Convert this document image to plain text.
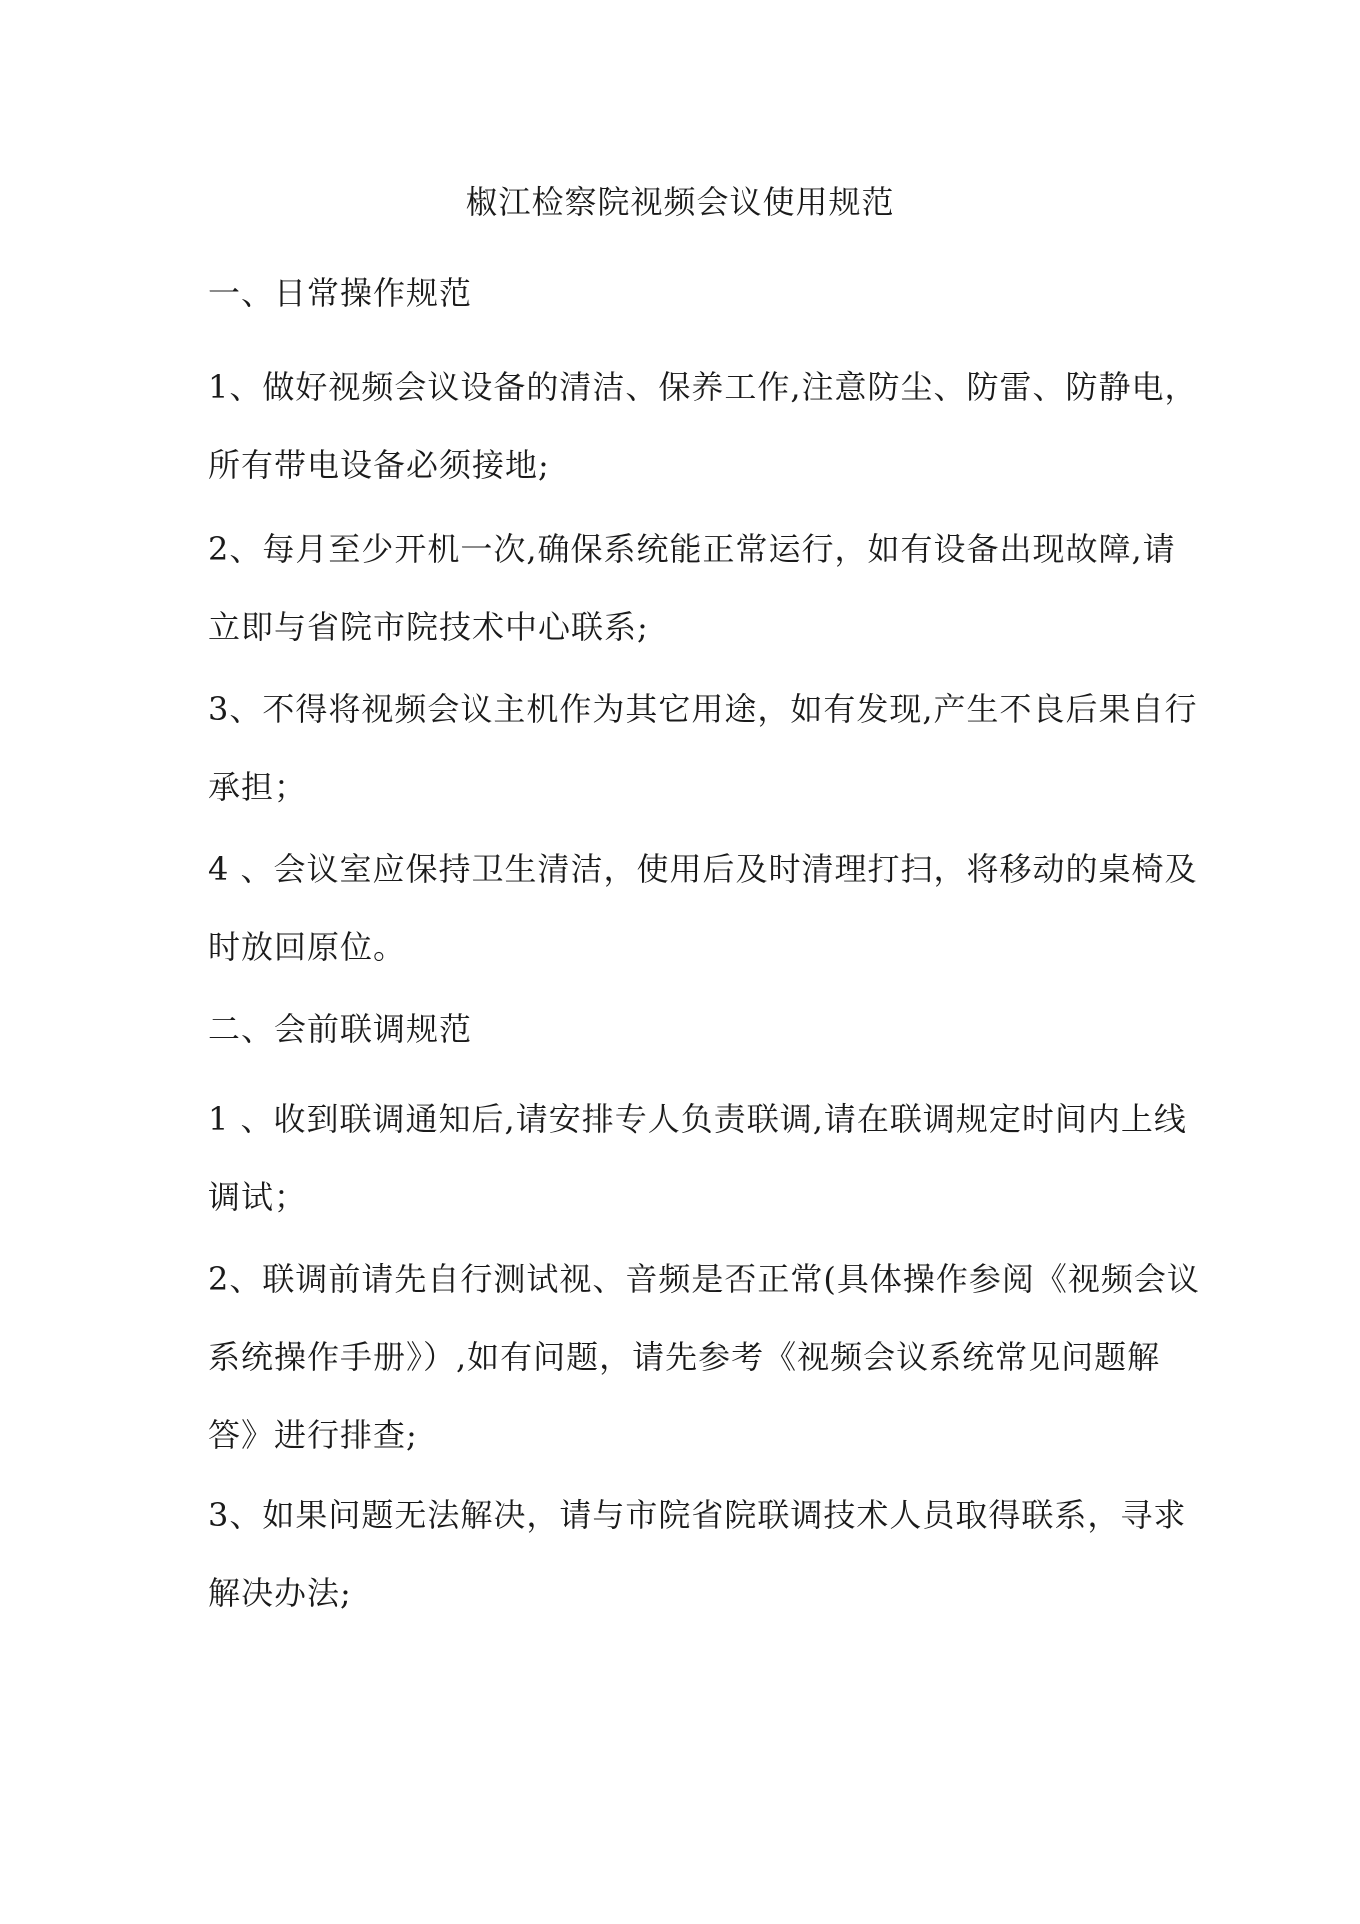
椒江检察院视频会议使用规范
一、日常操作规范
1、做好视频会议设备的清洁、保养工作,注意防尘、防雷、防静电，
所有带电设备必须接地;
2、每月至少开机一次,确保系统能正常运行，如有设备出现故障,请
立即与省院市院技术中心联系;
3、不得将视频会议主机作为其它用途，如有发现,产生不良后果自行
承担；
4 、会议室应保持卫生清洁，使用后及时清理打扫，将移动的桌椅及
时放回原位。
二、会前联调规范
1 、收到联调通知后,请安排专人负责联调,请在联调规定时间内上线
调试；
2、联调前请先自行测试视、音频是否正常(具体操作参阅《视频会议
系统操作手册》）,如有问题，请先参考《视频会议系统常见问题解
答》进行排查;
3、如果问题无法解决，请与市院省院联调技术人员取得联系，寻求
解决办法;
